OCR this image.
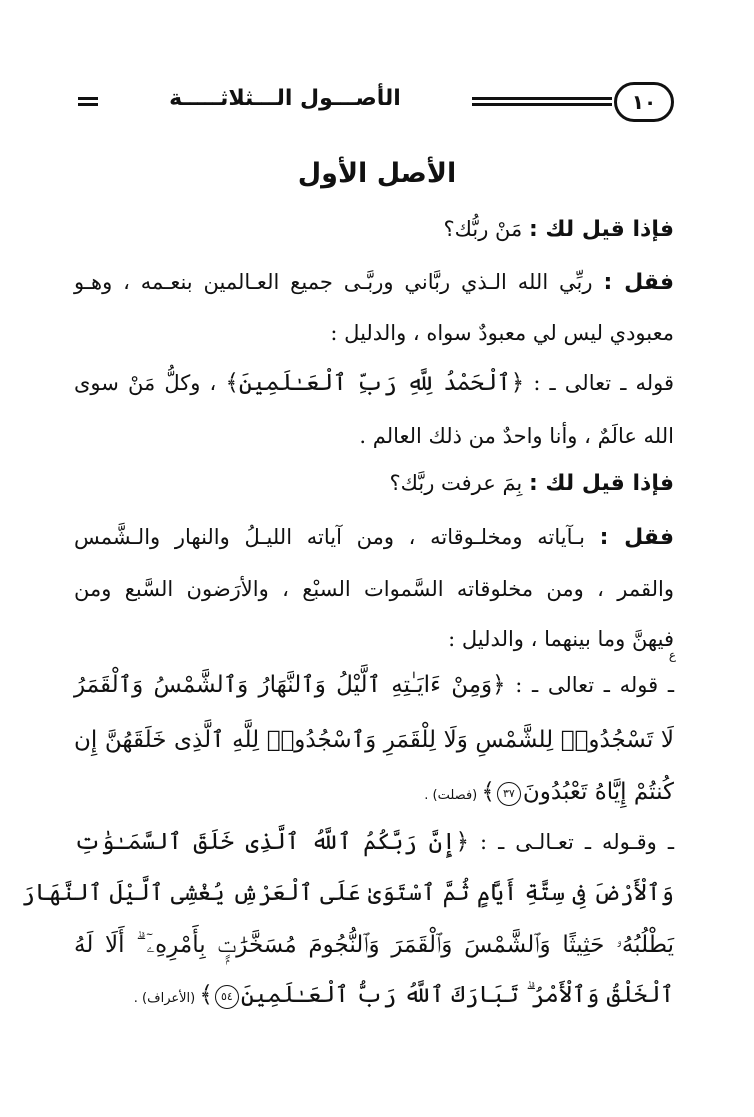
١٠
الأصـــول الـــثلاثـــــة
الأصل الأول
فإذا قيل لك : مَنْ ربُّك؟
فقل : ربِّي الله الـذي ربَّاني وربَّـى جميع العـالمين بنعـمه ، وهـو
معبودي ليس لي معبودٌ سواه ، والدليل :
قوله ـ تعالى ـ : ﴿ٱلْحَمْدُ لِلَّهِ رَبِّ ٱلْعَـٰلَمِينَ﴾ ، وكلُّ مَنْ سوى
الله عالَمٌ ، وأنا واحدٌ من ذلك العالم .
فإذا قيل لك : بِمَ عرفت ربَّك؟
فقل : بـآياته ومخلـوقاته ، ومن آياته الليـلُ والنهار والـشَّمس
والقمر ، ومن مخلوقاته السَّموات السبْع ، والأرَضون السَّبع ومن
فيهنَّ وما بينهما ، والدليل :
ع
ـ قوله ـ تعالى ـ : ﴿وَمِنْ ءَايَـٰتِهِ ٱلَّيْلُ وَٱلنَّهَارُ وَٱلشَّمْسُ وَٱلْقَمَرُ
لَا تَسْجُدُوا۟ لِلشَّمْسِ وَلَا لِلْقَمَرِ وَٱسْجُدُوا۟ لِلَّهِ ٱلَّذِى خَلَقَهُنَّ إِن
كُنتُمْ إِيَّاهُ تَعْبُدُونَ٣٧﴾ (فصلت) .
ـ وقـوله ـ تعـالـى ـ : ﴿إِنَّ رَبَّكُمُ ٱللَّهُ ٱلَّذِى خَلَقَ ٱلسَّمَـٰوَٰتِ
وَٱلْأَرْضَ فِى سِتَّةِ أَيَّامٍ ثُمَّ ٱسْتَوَىٰ عَلَى ٱلْعَرْشِ يُغْشِى ٱلَّيْلَ ٱلنَّهَارَ
يَطْلُبُهُۥ حَثِيثًا وَٱلشَّمْسَ وَٱلْقَمَرَ وَٱلنُّجُومَ مُسَخَّرَٰتٍۭ بِأَمْرِهِۦٓ ۗ أَلَا لَهُ
ٱلْخَلْقُ وَٱلْأَمْرُ ۗ تَبَارَكَ ٱللَّهُ رَبُّ ٱلْعَـٰلَمِينَ٥٤﴾ (الأعراف) .
